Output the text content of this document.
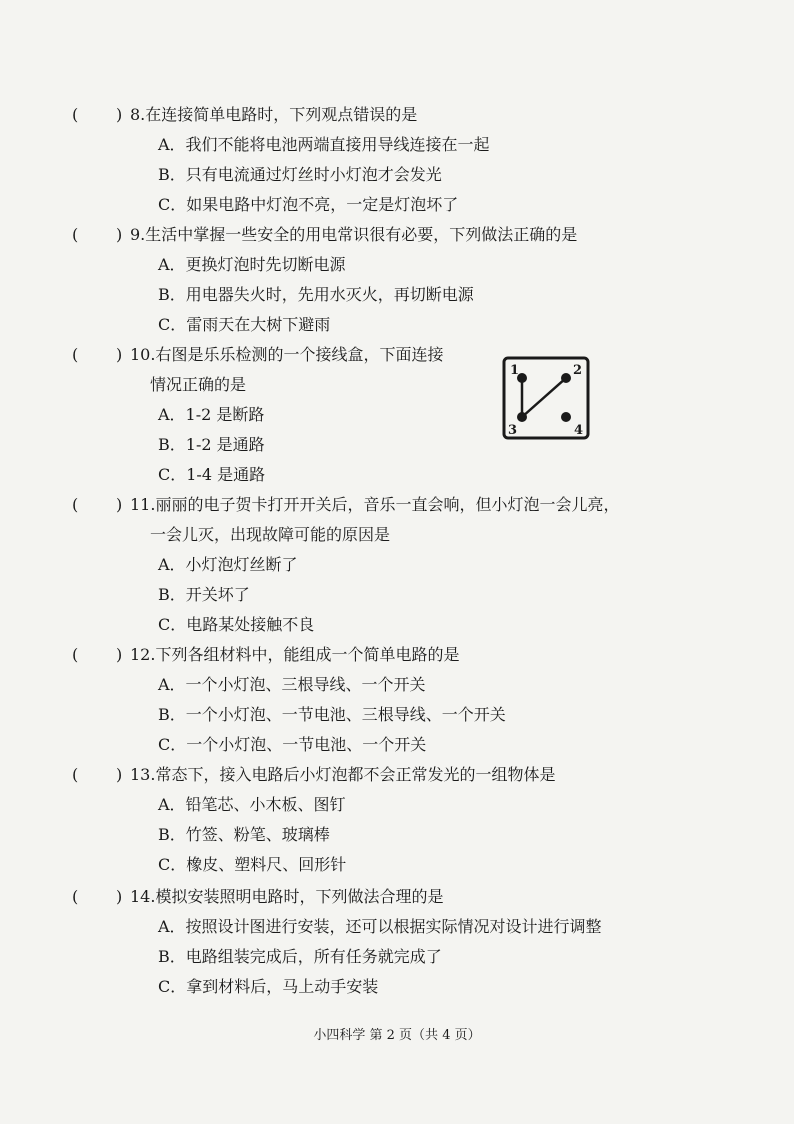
( ) 8.在连接简单电路时，下列观点错误的是
A．我们不能将电池两端直接用导线连接在一起
B．只有电流通过灯丝时小灯泡才会发光
C．如果电路中灯泡不亮，一定是灯泡坏了
( ) 9.生活中掌握一些安全的用电常识很有必要，下列做法正确的是
A．更换灯泡时先切断电源
B．用电器失火时，先用水灭火，再切断电源
C．雷雨天在大树下避雨
( ) 10.右图是乐乐检测的一个接线盒，下面连接
情况正确的是
A．1-2 是断路
B．1-2 是通路
C．1-4 是通路
1	2
3	4
( ) 11.丽丽的电子贺卡打开开关后，音乐一直会响，但小灯泡一会儿亮，
一会儿灭，出现故障可能的原因是
A．小灯泡灯丝断了
B．开关坏了
C．电路某处接触不良
( ) 12.下列各组材料中，能组成一个简单电路的是
A．一个小灯泡、三根导线、一个开关
B．一个小灯泡、一节电池、三根导线、一个开关
C．一个小灯泡、一节电池、一个开关
( ) 13.常态下，接入电路后小灯泡都不会正常发光的一组物体是
A．铅笔芯、小木板、图钉
B．竹签、粉笔、玻璃棒
C．橡皮、塑料尺、回形针
( ) 14.模拟安装照明电路时，下列做法合理的是
A．按照设计图进行安装，还可以根据实际情况对设计进行调整
B．电路组装完成后，所有任务就完成了
C．拿到材料后，马上动手安装
小四科学 第 2 页（共 4 页）
